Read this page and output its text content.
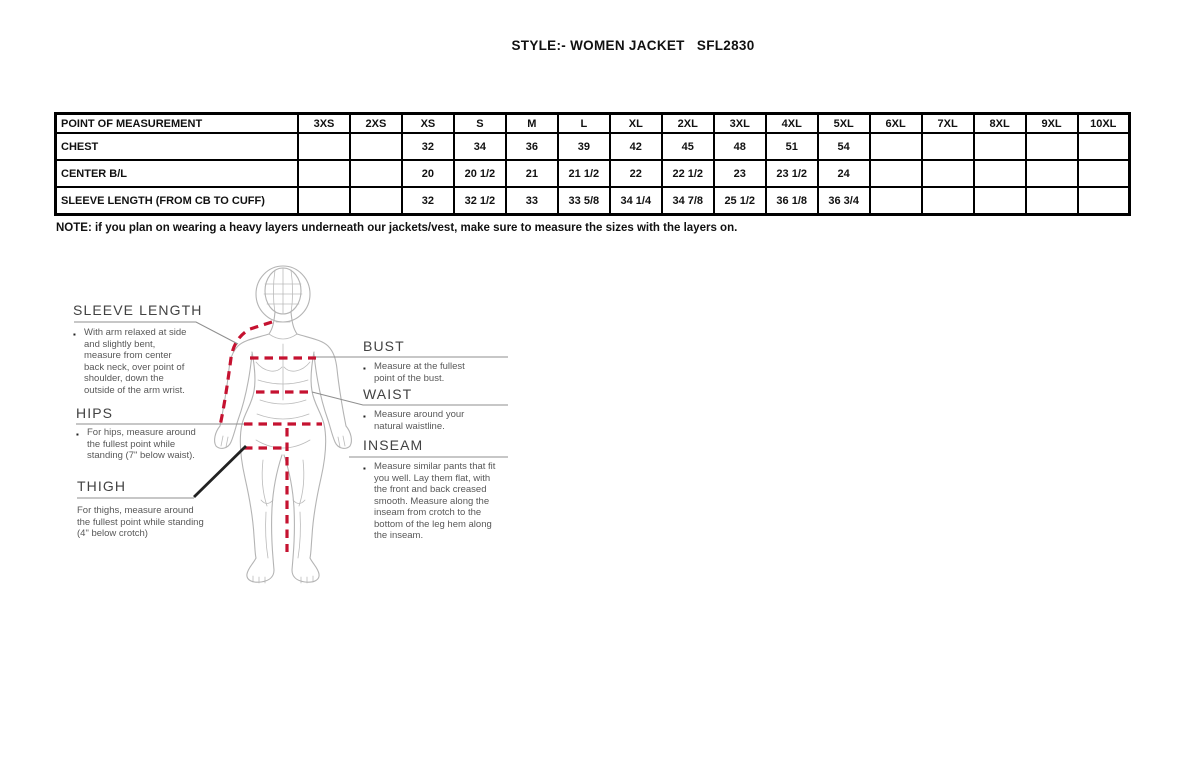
STYLE:- WOMEN JACKET   SFL2830
POINT OF MEASUREMENT	3XS	2XS	XS	S	M	L	XL	2XL	3XL	4XL	5XL	6XL	7XL	8XL	9XL	10XL
CHEST			32	34	36	39	42	45	48	51	54					
CENTER B/L			20	20 1/2	21	21 1/2	22	22 1/2	23	23 1/2	24					
SLEEVE LENGTH (FROM CB TO CUFF)			32	32 1/2	33	33 5/8	34 1/4	34 7/8	25 1/2	36 1/8	36 3/4					
NOTE: if you plan on wearing a heavy layers underneath our jackets/vest, make sure to measure the sizes with the layers on.
SLEEVE LENGTH
▪ With arm relaxed at side and slightly bent, measure from center back neck, over point of shoulder, down the outside of the arm wrist.

HIPS
▪ For hips, measure around the fullest point while standing (7" below waist).

THIGH

For thighs, measure around the fullest point while standing (4" below crotch)

BUST
▪ Measure at the fullest point of the bust.

WAIST
▪ Measure around your natural waistline.

INSEAM
▪ Measure similar pants that fit you well. Lay them flat, with the front and back creased smooth. Measure along the inseam from crotch to the bottom of the leg hem along the inseam.
